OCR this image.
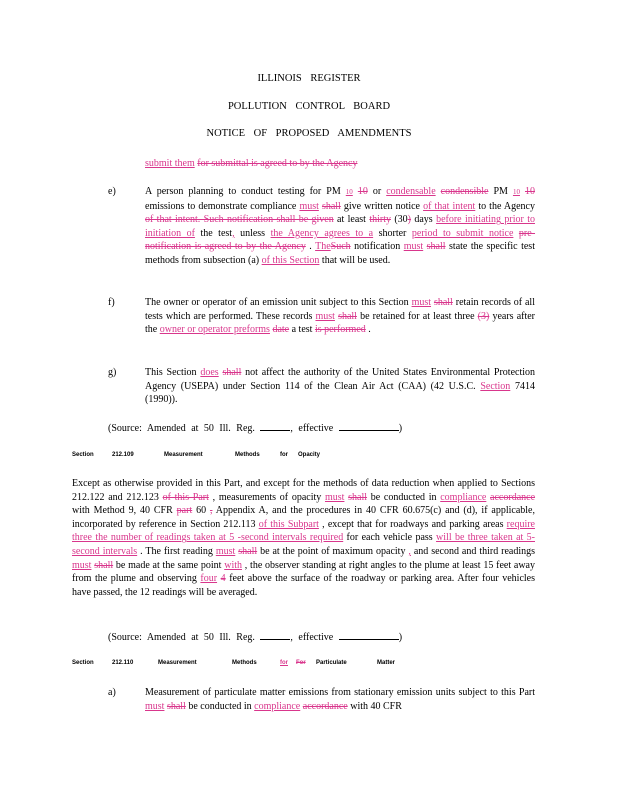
ILLINOIS REGISTER
POLLUTION CONTROL BOARD
NOTICE OF PROPOSED AMENDMENTS
submit them for submittal is agreed to by the Agency
e)	A person planning to conduct testing for PM 10 10 or condensable condensible PM 10 10 emissions to demonstrate compliance must shall give written notice of that intent to the Agency of that intent. Such notification shall be given at least thirty (30) days before initiating prior to initiation of the test, unless the Agency agrees to a shorter period to submit notice pre-notification is agreed to by the Agency . TheSuch notification must shall state the specific test methods from subsection (a) of this Section that will be used.
f)	The owner or operator of an emission unit subject to this Section must shall retain records of all tests which are performed. These records must shall be retained for at least three (3) years after the owner or operator preforms date a test is performed .
g)	This Section does shall not affect the authority of the United States Environmental Protection Agency (USEPA) under Section 114 of the Clean Air Act (CAA) (42 U.S.C. Section 7414 (1990)).
(Source: Amended at 50 Ill. Reg.	, effective	)
Section	212.109	Measurement	Methods	for Opacity
Except as otherwise provided in this Part, and except for the methods of data reduction when applied to Sections 212.122 and 212.123 of this Part , measurements of opacity must shall be conducted in compliance accordance with Method 9, 40 CFR part 60 , Appendix A, and the procedures in 40 CFR 60.675(c) and (d), if applicable, incorporated by reference in Section 212.113 of this Subpart , except that for roadways and parking areas require three the number of readings taken at 5 -second intervals required for each vehicle pass will be three taken at 5-second intervals . The first reading must shall be at the point of maximum opacity , and second and third readings must shall be made at the same point with , the observer standing at right angles to the plume at least 15 feet away from the plume and observing four 4 feet above the surface of the roadway or parking area. After four vehicles have passed, the 12 readings will be averaged.
(Source: Amended at 50 Ill. Reg.	, effective	)
Section	212.110	Measurement	Methods	for For Particulate	Matter
a)	Measurement of particulate matter emissions from stationary emission units subject to this Part must shall be conducted in compliance accordance with 40 CFR
